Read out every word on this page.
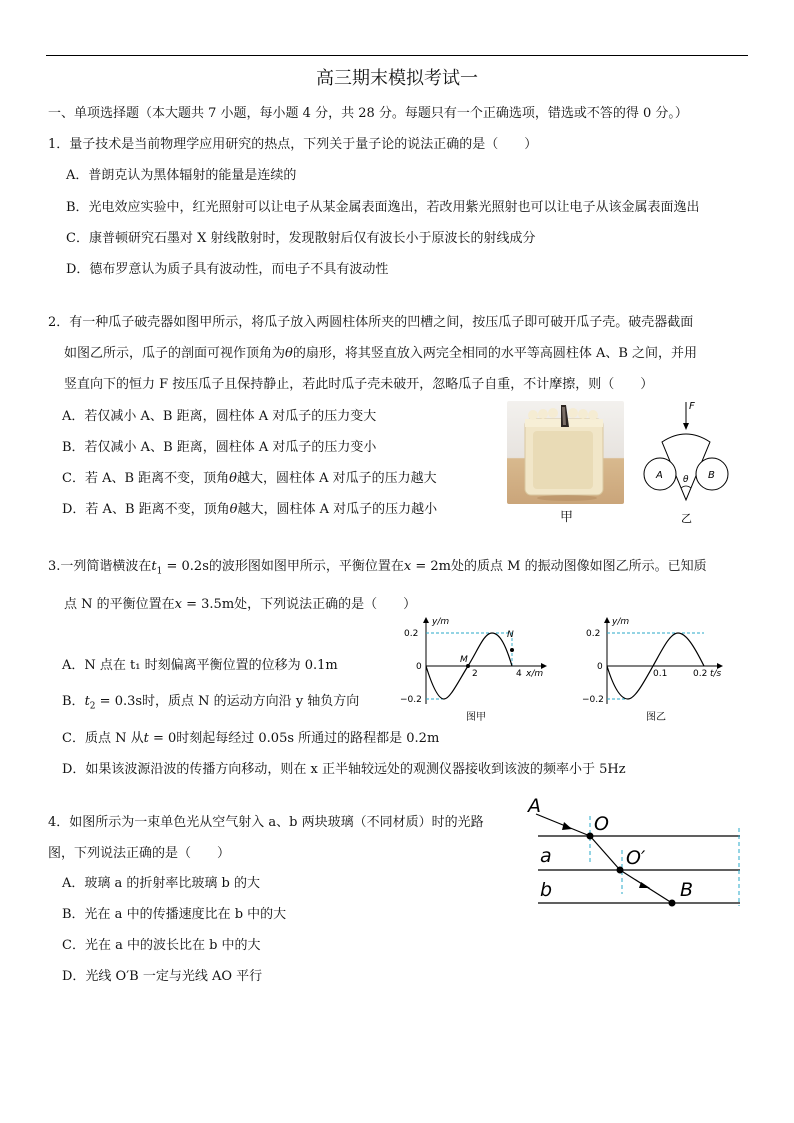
高三期末模拟考试一
一、单项选择题（本大题共 7 小题，每小题 4 分，共 28 分。每题只有一个正确选项，错选或不答的得 0 分。）
1．量子技术是当前物理学应用研究的热点，下列关于量子论的说法正确的是（　　）
A．普朗克认为黑体辐射的能量是连续的
B．光电效应实验中，红光照射可以让电子从某金属表面逸出，若改用紫光照射也可以让电子从该金属表面逸出
C．康普顿研究石墨对 X 射线散射时，发现散射后仅有波长小于原波长的射线成分
D．德布罗意认为质子具有波动性，而电子不具有波动性
2．有一种瓜子破壳器如图甲所示，将瓜子放入两圆柱体所夹的凹槽之间，按压瓜子即可破开瓜子壳。破壳器截面
如图乙所示，瓜子的剖面可视作顶角为θ的扇形，将其竖直放入两完全相同的水平等高圆柱体 A、B 之间，并用
竖直向下的恒力 F 按压瓜子且保持静止，若此时瓜子壳未破开，忽略瓜子自重，不计摩擦，则（　　）
A．若仅减小 A、B 距离，圆柱体 A 对瓜子的压力变大
B．若仅减小 A、B 距离，圆柱体 A 对瓜子的压力变小
C．若 A、B 距离不变，顶角θ越大，圆柱体 A 对瓜子的压力越大
D．若 A、B 距离不变，顶角θ越大，圆柱体 A 对瓜子的压力越小
甲
F
θ
A	B
乙
3.一列简谐横波在$t_1 = 0.2s$的波形图如图甲所示，平衡位置在x = 2m处的质点 M 的振动图像如图乙所示。已知质
点 N 的平衡位置在x = 3.5m处，下列说法正确的是（　　）
A．N 点在 t₁ 时刻偏离平衡位置的位移为 0.1m
B．$t_2 = 0.3s$时，质点 N 的运动方向沿 y 轴负方向
C．质点 N 从t = 0时刻起每经过 0.05s 所通过的路程都是 0.2m
D．如果该波源沿波的传播方向移动，则在 x 正半轴较远处的观测仪器接收到该波的频率小于 5Hz
y/m
0.2
0
−0.2
2	4 x/m
M
N
图甲
y/m
0.2
0
−0.2
0.1	0.2 t/s
图乙
4．如图所示为一束单色光从空气射入 a、b 两块玻璃（不同材质）时的光路
图，下列说法正确的是（　　）
A．玻璃 a 的折射率比玻璃 b 的大
B．光在 a 中的传播速度比在 b 中的大
C．光在 a 中的波长比在 b 中的大
D．光线 O′B 一定与光线 AO 平行
A
O
O′
a
b	B
